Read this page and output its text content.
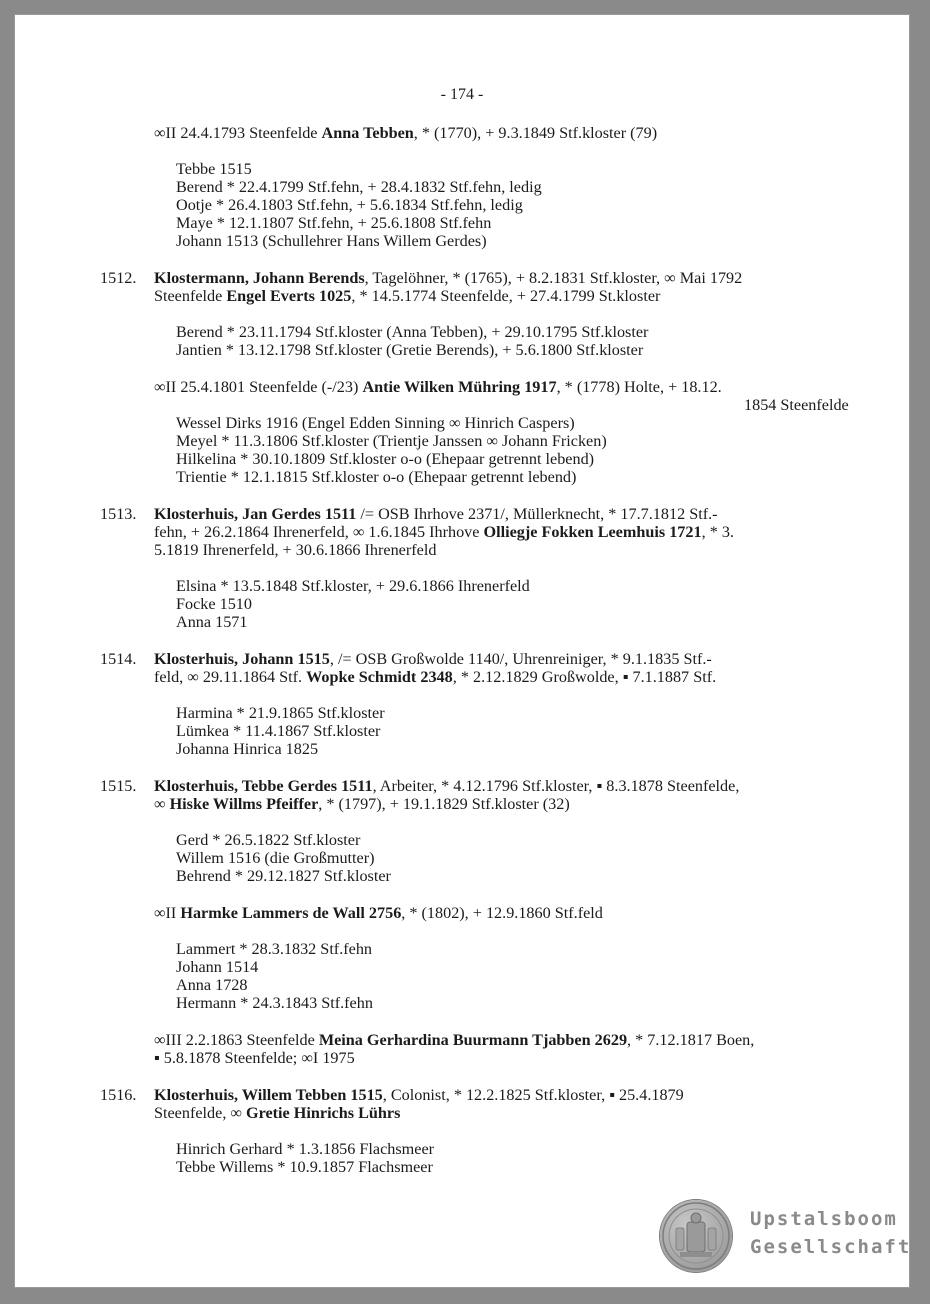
- 174 -
∞II 24.4.1793 Steenfelde Anna Tebben, * (1770), + 9.3.1849 Stf.kloster (79)
Tebbe 1515
Berend * 22.4.1799 Stf.fehn, + 28.4.1832 Stf.fehn, ledig
Ootje * 26.4.1803 Stf.fehn, + 5.6.1834 Stf.fehn, ledig
Maye * 12.1.1807 Stf.fehn, + 25.6.1808 Stf.fehn
Johann 1513 (Schullehrer Hans Willem Gerdes)
1512. Klostermann, Johann Berends, Tagelöhner, * (1765), + 8.2.1831 Stf.kloster, ∞ Mai 1792
Steenfelde Engel Everts 1025, * 14.5.1774 Steenfelde, + 27.4.1799 St.kloster
Berend * 23.11.1794 Stf.kloster (Anna Tebben), + 29.10.1795 Stf.kloster
Jantien * 13.12.1798 Stf.kloster (Gretie Berends), + 5.6.1800 Stf.kloster
∞II 25.4.1801 Steenfelde (-/23) Antie Wilken Mühring 1917, * (1778) Holte, + 18.12.
1854 Steenfelde
Wessel Dirks 1916 (Engel Edden Sinning ∞ Hinrich Caspers)
Meyel * 11.3.1806 Stf.kloster (Trientje Janssen ∞ Johann Fricken)
Hilkelina * 30.10.1809 Stf.kloster o-o (Ehepaar getrennt lebend)
Trientie * 12.1.1815 Stf.kloster o-o (Ehepaar getrennt lebend)
1513. Klosterhuis, Jan Gerdes 1511 /= OSB Ihrhove 2371/, Müllerknecht, * 17.7.1812 Stf.-
fehn, + 26.2.1864 Ihrenerfeld, ∞ 1.6.1845 Ihrhove Olliegje Fokken Leemhuis 1721, * 3.
5.1819 Ihrenerfeld, + 30.6.1866 Ihrenerfeld
Elsina * 13.5.1848 Stf.kloster, + 29.6.1866 Ihrenerfeld
Focke 1510
Anna 1571
1514. Klosterhuis, Johann 1515, /= OSB Großwolde 1140/, Uhrenreiniger, * 9.1.1835 Stf.-
feld, ∞ 29.11.1864 Stf. Wopke Schmidt 2348, * 2.12.1829 Großwolde, ▪ 7.1.1887 Stf.
Harmina * 21.9.1865 Stf.kloster
Lümkea * 11.4.1867 Stf.kloster
Johanna Hinrica 1825
1515. Klosterhuis, Tebbe Gerdes 1511, Arbeiter, * 4.12.1796 Stf.kloster, ▪ 8.3.1878 Steenfelde,
∞ Hiske Willms Pfeiffer, * (1797), + 19.1.1829 Stf.kloster (32)
Gerd * 26.5.1822 Stf.kloster
Willem 1516 (die Großmutter)
Behrend * 29.12.1827 Stf.kloster
∞II Harmke Lammers de Wall 2756, * (1802), + 12.9.1860 Stf.feld
Lammert * 28.3.1832 Stf.fehn
Johann 1514
Anna 1728
Hermann * 24.3.1843 Stf.fehn
∞III 2.2.1863 Steenfelde Meina Gerhardina Buurmann Tjabben 2629, * 7.12.1817 Boen,
▪ 5.8.1878 Steenfelde; ∞I 1975
1516. Klosterhuis, Willem Tebben 1515, Colonist, * 12.2.1825 Stf.kloster, ▪ 25.4.1879
Steenfelde, ∞ Gretie Hinrichs Lührs
Hinrich Gerhard * 1.3.1856 Flachsmeer
Tebbe Willems * 10.9.1857 Flachsmeer
Upstalsboom
Gesellschaft
